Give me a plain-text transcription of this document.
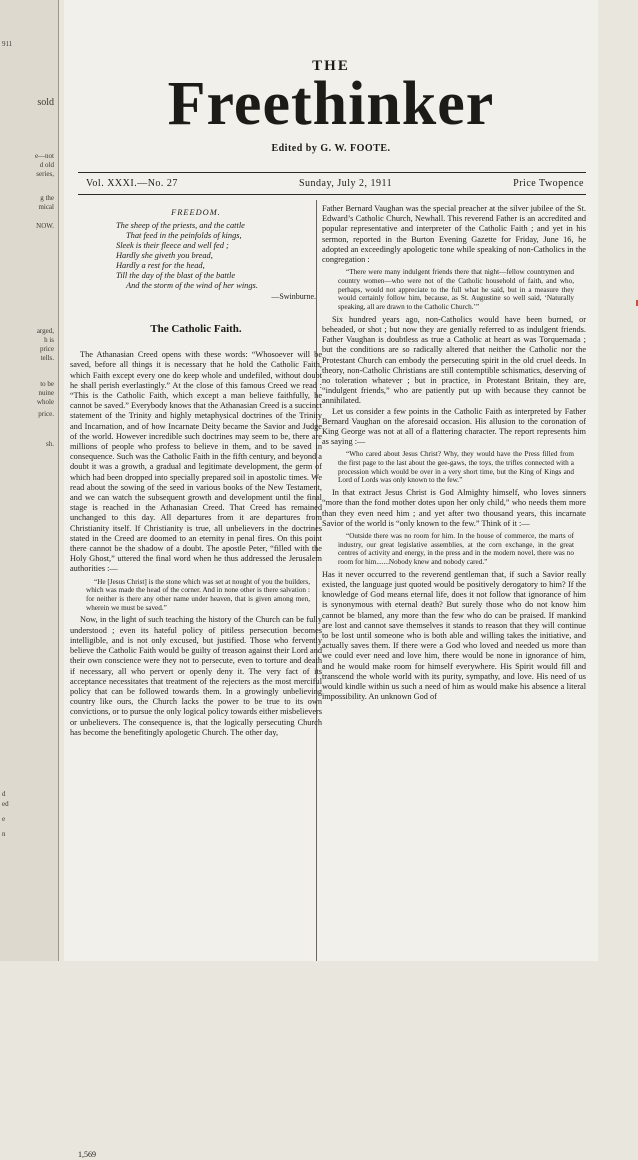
911
sold
e—not
d old
series,
g the
mical
NOW.
arged,
h is
price
tells.
to be
nuine
whole
price.
sh.
d
ed
e
n
THE
Freethinker
Edited by G. W. FOOTE.
Vol. XXXI.—No. 27	Sunday, July 2, 1911	Price Twopence
FREEDOM.
The sheep of the priests, and the cattle
That feed in the peinfolds of kings,
Sleek is their fleece and well fed ;
Hardly she giveth you bread,
Hardly a rest for the head,
Till the day of the blast of the battle
And the storm of the wind of her wings.
—Swinburne.
The Catholic Faith.

The Athanasian Creed opens with these words: “Whosoever will be saved, before all things it is necessary that he hold the Catholic Faith, which Faith except every one do keep whole and undefiled, without doubt he shall perish everlastingly.” At the close of this famous Creed we read : “This is the Catholic Faith, which except a man believe faithfully, he cannot be saved.” Everybody knows that the Athanasian Creed is a succinct statement of the Trinity and highly metaphysical doctrines of the Trinity and Incarnation, and of how Incarnate Deity became the Savior and Judge of the world. However incredible such doctrines may seem to be, there are millions of people who profess to believe in them, and to be saved in consequence. Such was the Catholic Faith in the fifth century, and beyond a doubt it was a growth, a gradual and legitimate development, the germ of which had been dropped into specially prepared soil in apostolic times. We read about the sowing of the seed in various books of the New Testament, and we can watch the subsequent growth and development until the final stage is reached in the Athanasian Creed. That Creed has remained unchanged to this day. All departures from it are departures from Christianity itself. If Christianity is true, all unbelievers in the doctrines stated in the Creed are doomed to an eternity in penal fires. On this point there cannot be the shadow of a doubt. The apostle Peter, “filled with the Holy Ghost,” uttered the final word when he thus addressed the Jerusalem authorities :—

“He [Jesus Christ] is the stone which was set at nought of you the builders, which was made the head of the corner. And in none other is there salvation : for neither is there any other name under heaven, that is given among men, wherein we must be saved.”

Now, in the light of such teaching the history of the Church can be fully understood ; even its hateful policy of pitiless persecution becomes intelligible, and is not only excused, but justified. Those who fervently believe the Catholic Faith would be guilty of treason against their Lord and their own conscience were they not to persecute, even to torture and death if necessary, all who pervert or openly deny it. The very fact of its acceptance necessitates that treatment of the rejecters as the most merciful policy that can be followed towards them. In a growingly unbelieving country like ours, the Church lacks the power to be true to its own convictions, or to pursue the only logical policy towards either misbelievers or unbelievers. The consequence is, that the logically persecuting Church has become the benefitingly apologetic Church. The other day,

1,569

Father Bernard Vaughan was the special preacher at the silver jubilee of the St. Edward’s Catholic Church, Newhall. This reverend Father is an accredited and popular representative and interpreter of the Catholic Faith ; and yet in his sermon, reported in the Burton Evening Gazette for Friday, June 16, he adopted an exceedingly apologetic tone while speaking of non-Catholics in the congregation :

“There were many indulgent friends there that night—fellow countrymen and country women—who were not of the Catholic household of faith, and who, perhaps, would not appreciate to the full what he said, but in a measure they would certainly follow him, because, as St. Augustine so well said, ‘Naturally speaking, all are drawn to the Catholic Church.’”

Six hundred years ago, non-Catholics would have been burned, or beheaded, or shot ; but now they are genially referred to as indulgent friends. Father Vaughan is doubtless as true a Catholic at heart as was Torquemada ; but the conditions are so radically altered that neither the Catholic nor the Protestant Church can embody the persecuting spirit in the old cruel deeds. In theory, non-Catholic Christians are still contemptible schismatics, deserving of no toleration whatever ; but in practice, in Protestant Britain, they are, “indulgent friends,” who are patiently put up with because they cannot be annihilated.

Let us consider a few points in the Catholic Faith as interpreted by Father Bernard Vaughan on the aforesaid occasion. His allusion to the coronation of King George was not at all of a flattering character. The report represents him as saying :—

“Who cared about Jesus Christ? Why, they would have the Press filled from the first page to the last about the gee-gaws, the toys, the trifles connected with a procession which would be over in a very short time, but the King of Kings and Lord of Lords was only known to the few.”

In that extract Jesus Christ is God Almighty himself, who loves sinners “more than the fond mother dotes upon her only child,” who needs them more than they even need him ; and yet after two thousand years, this incarnate Savior of the world is “only known to the few.” Think of it :—

“Outside there was no room for him. In the house of commerce, the marts of industry, our great legislative assemblies, at the corn exchange, in the great centres of activity and energy, in the press and in the modern novel, there was no room for him.......Nobody knew and nobody cared.”

Has it never occurred to the reverend gentleman that, if such a Savior really existed, the language just quoted would be positively derogatory to him? If the knowledge of God means eternal life, does it not follow that ignorance of him is synonymous with eternal death? But surely those who do not know him cannot be blamed, any more than the few who do can be praised. If mankind are lost and cannot save themselves it stands to reason that they will continue to be lost until someone who is both able and willing takes the initiative, and actually saves them. If there were a God who loved and needed us more than we could ever need and love him, there would be none in ignorance of him, and he would make room for himself everywhere. His Spirit would fill and transcend the whole world with its purity, sympathy, and love. His need of us would kindle within us such a need of him as would make his absence a literal impossibility. An unknown God of
